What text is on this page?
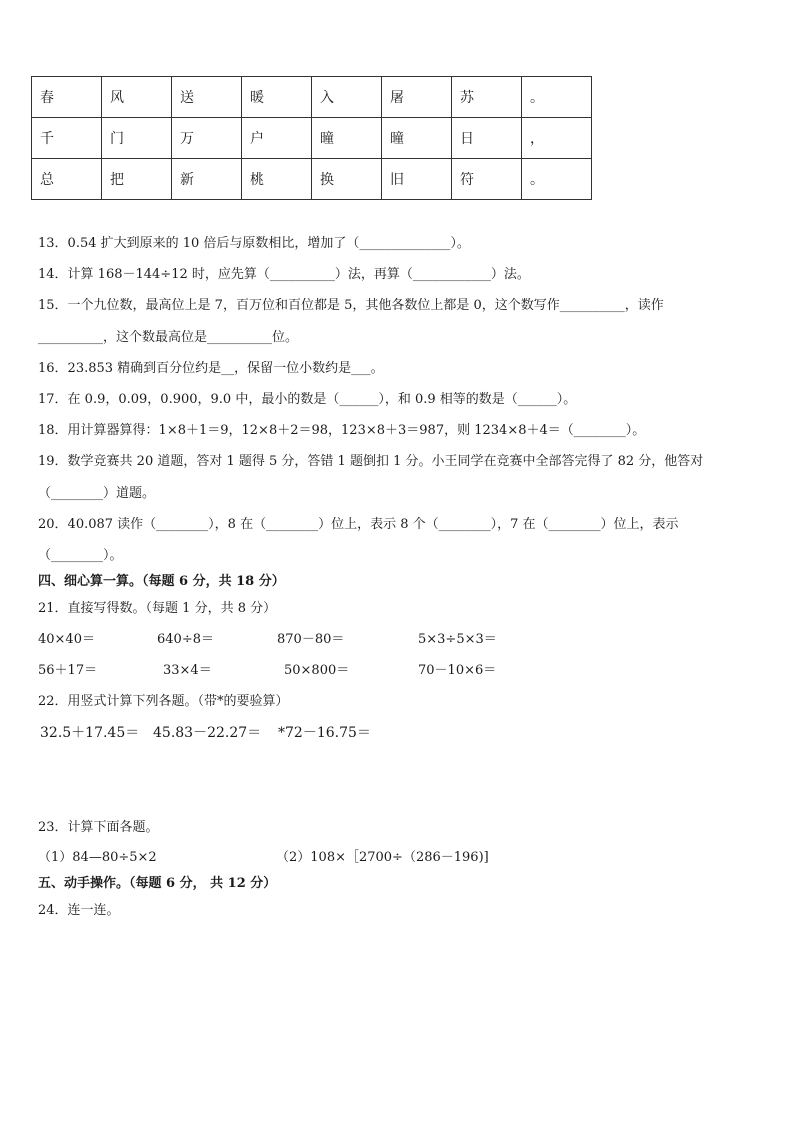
春	风	送	暖	入	屠	苏	。
千	门	万	户	曈	曈	日	，
总	把	新	桃	换	旧	符	。
13．0.54 扩大到原来的 10 倍后与原数相比，增加了（______________）。
14．计算 168－144÷12 时，应先算（__________）法，再算（____________）法。
15．一个九位数，最高位上是 7，百万位和百位都是 5，其他各数位上都是 0，这个数写作__________，读作
__________，这个数最高位是__________位。
16．23.853 精确到百分位约是__，保留一位小数约是___。
17．在 0.9，0.09，0.900，9.0 中，最小的数是（______），和 0.9 相等的数是（______）。
18．用计算器算得：1×8＋1＝9，12×8＋2＝98，123×8＋3＝987，则 1234×8＋4＝（________）。
19．数学竞赛共 20 道题，答对 1 题得 5 分，答错 1 题倒扣 1 分。小王同学在竞赛中全部答完得了 82 分，他答对
（________）道题。
20．40.087 读作（________），8 在（________）位上，表示 8 个（________），7 在（________）位上，表示
（________）。
四、细心算一算。（每题 6 分，共 18 分）
21．直接写得数。（每题 1 分，共 8 分）
40×40＝	640÷8＝	870－80＝	5×3÷5×3＝
56＋17＝	33×4＝	50×800＝	70－10×6＝
22．用竖式计算下列各题。（带*的要验算）
32.5＋17.45＝ 45.83－22.27＝ *72－16.75＝
23．计算下面各题。
（1）84—80÷5×2	（2）108×［2700÷（286－196)]
五、动手操作。（每题 6 分， 共 12 分）
24．连一连。
